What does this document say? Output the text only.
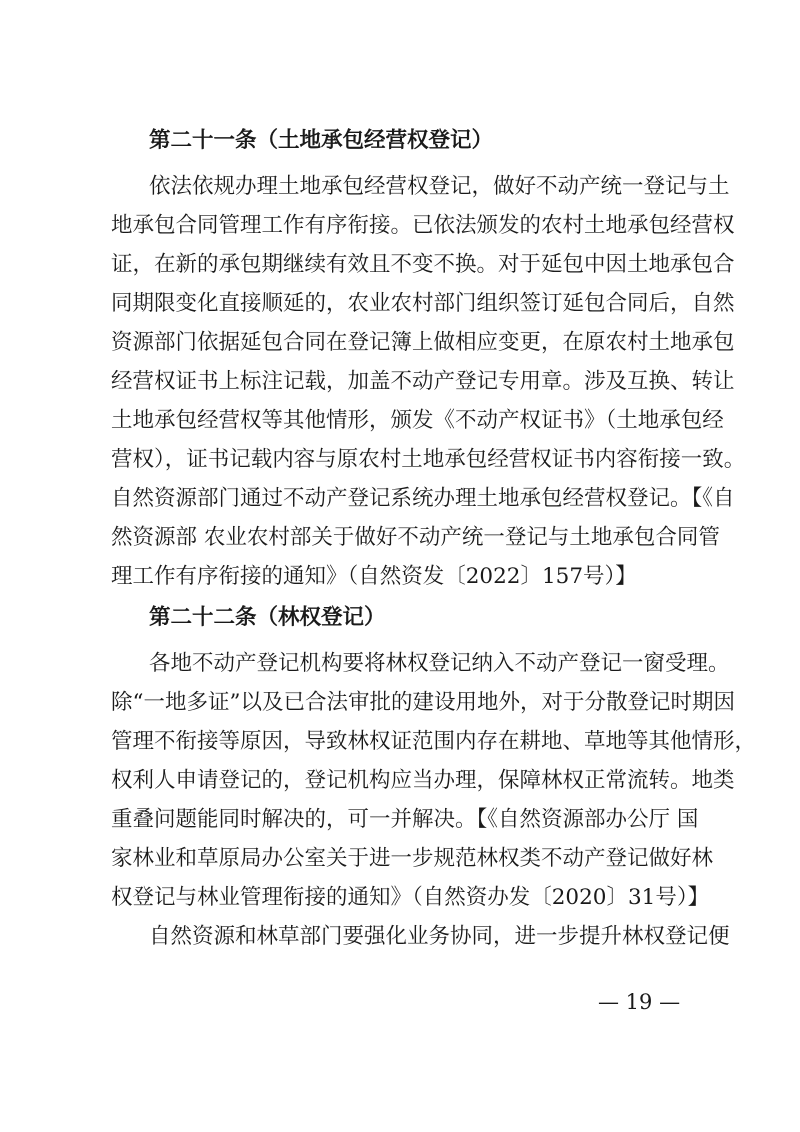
第二十一条（土地承包经营权登记）
依法依规办理土地承包经营权登记，做好不动产统一登记与土
地承包合同管理工作有序衔接。已依法颁发的农村土地承包经营权
证，在新的承包期继续有效且不变不换。对于延包中因土地承包合
同期限变化直接顺延的，农业农村部门组织签订延包合同后，自然
资源部门依据延包合同在登记簿上做相应变更，在原农村土地承包
经营权证书上标注记载，加盖不动产登记专用章。涉及互换、转让
土地承包经营权等其他情形，颁发《不动产权证书》（土地承包经
营权），证书记载内容与原农村土地承包经营权证书内容衔接一致。
自然资源部门通过不动产登记系统办理土地承包经营权登记。【《自
然资源部 农业农村部关于做好不动产统一登记与土地承包合同管
理工作有序衔接的通知》（自然资发〔2022〕157号）】
第二十二条（林权登记）
各地不动产登记机构要将林权登记纳入不动产登记一窗受理。
除“一地多证”以及已合法审批的建设用地外，对于分散登记时期因
管理不衔接等原因，导致林权证范围内存在耕地、草地等其他情形，
权利人申请登记的，登记机构应当办理，保障林权正常流转。地类
重叠问题能同时解决的，可一并解决。【《自然资源部办公厅 国
家林业和草原局办公室关于进一步规范林权类不动产登记做好林
权登记与林业管理衔接的通知》（自然资办发〔2020〕31号）】
自然资源和林草部门要强化业务协同，进一步提升林权登记便
— 19 —
